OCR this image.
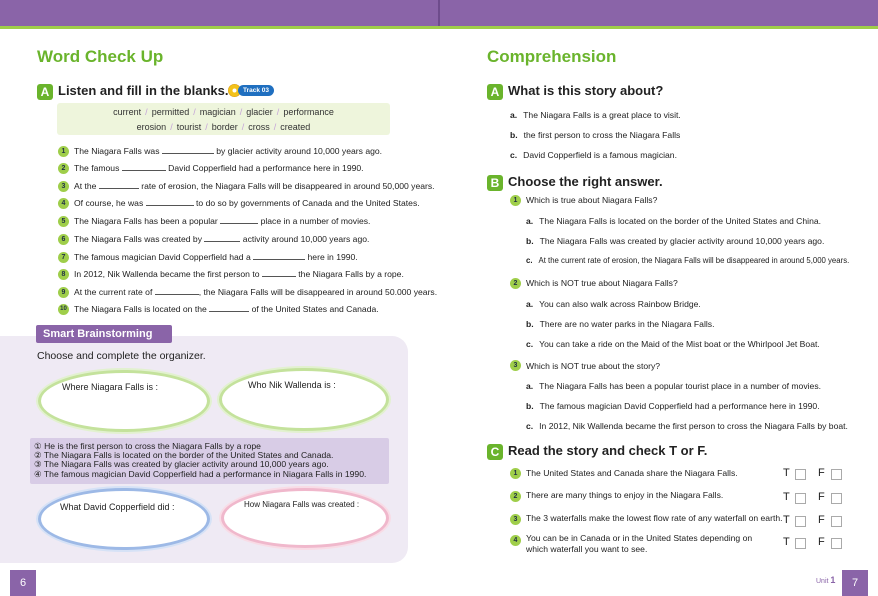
Word Check Up
A Listen and fill in the blanks.	Track 03
current / permitted / magician / glacier / performance
erosion / tourist / border / cross / created
1 The Niagara Falls was	by glacier activity around 10,000 years ago.
2 The famous	David Copperfield had a performance here in 1990.
3 At the	rate of erosion, the Niagara Falls will be disappeared in around 50,000 years.
4 Of course, he was	to do so by governments of Canada and the United States.
5 The Niagara Falls has been a popular	place in a number of movies.
6 The Niagara Falls was created by	activity around 10,000 years ago.
7 The famous magician David Copperfield had a	here in 1990.
8 In 2012, Nik Wallenda became the first person to	the Niagara Falls by a rope.
9 At the current rate of	, the Niagara Falls will be disappeared in around 50.000 years.
10 The Niagara Falls is located on the	of the United States and Canada.
Smart Brainstorming
Choose and complete the organizer.
Where Niagara Falls is :	Who Nik Wallenda is :
① He is the first person to cross the Niagara Falls by a rope
② The Niagara Falls is located on the border of the United States and Canada.
③ The Niagara Falls was created by glacier activity around 10,000 years ago.
④ The famous magician David Copperfield had a performance in Niagara Falls in 1990.
What David Copperfield did :	How Niagara Falls was created :
6
Comprehension
A What is this story about?
a. The Niagara Falls is a great place to visit.
b. the first person to cross the Niagara Falls
c. David Copperfield is a famous magician.
B Choose the right answer.
1 Which is true about Niagara Falls?
a. The Niagara Falls is located on the border of the United States and China.
b. The Niagara Falls was created by glacier activity around 10,000 years ago.
c. At the current rate of erosion, the Niagara Falls will be disappeared in around 5,000 years.
2 Which is NOT true about Niagara Falls?
a. You can also walk across Rainbow Bridge.
b. There are no water parks in the Niagara Falls.
c. You can take a ride on the Maid of the Mist boat or the Whirlpool Jet Boat.
3 Which is NOT true about the story?
a. The Niagara Falls has been a popular tourist place in a number of movies.
b. The famous magician David Copperfield had a performance here in 1990.
c. In 2012, Nik Wallenda became the first person to cross the Niagara Falls by boat.
C Read the story and check T or F.
1 The United States and Canada share the Niagara Falls.	T	F
2 There are many things to enjoy in the Niagara Falls.	T	F
3 The 3 waterfalls make the lowest flow rate of any waterfall on earth. T	F
4 You can be in Canada or in the United States depending on
which waterfall you want to see.
T	F
Unit 1	7
